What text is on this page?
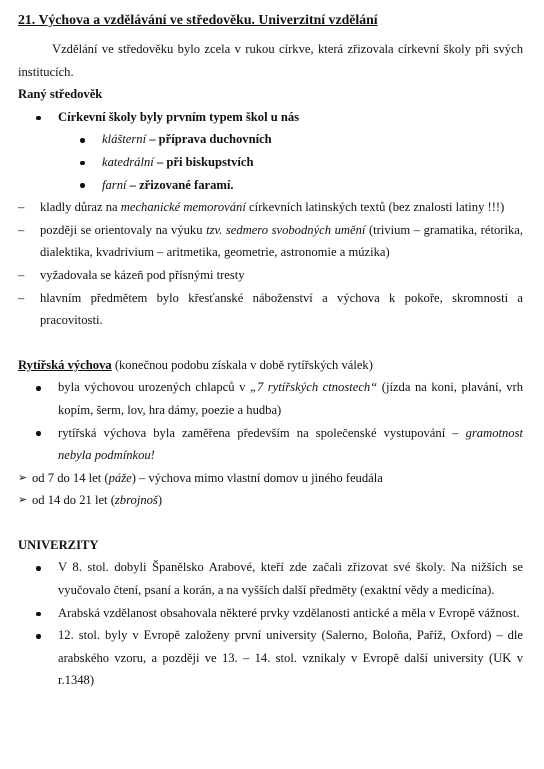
21. Výchova a vzdělávání ve středověku. Univerzitní vzdělání

Vzdělání ve středověku bylo zcela v rukou církve, která zřizovala církevní školy při svých institucích.

Raný středověk
Církevní školy byly prvním typem škol u nás
klášterní – příprava duchovních
katedrální – při biskupstvích
farní – zřizované faramí.
– kladly důraz na mechanické memorování církevních latinských textů (bez znalosti latiny !!!)
– později se orientovaly na výuku tzv. sedmero svobodných umění (trivium – gramatika, rétorika, dialektika, kvadrivium – aritmetika, geometrie, astronomie a múzika)
– vyžadovala se kázeň pod přísnými tresty
– hlavním předmětem bylo křesťanské náboženství a výchova k pokoře, skromnosti a pracovitosti.
Rytířská výchova (konečnou podobu získala v době rytířských válek)
byla výchovou urozených chlapců v „7 rytířských ctnostech“ (jízda na koni, plavání, vrh kopím, šerm, lov, hra dámy, poezie a hudba)
rytířská výchova byla zaměřena především na společenské vystupování – gramotnost nebyla podmínkou!
➢ od 7 do 14 let (páže) – výchova mimo vlastní domov u jiného feudála
➢ od 14 do 21 let (zbrojnoš)
UNIVERZITY
V 8. stol. dobyli Španělsko Arabové, kteří zde začali zřizovat své školy. Na nižších se vyučovalo čtení, psaní a korán, a na vyšších další předměty (exaktní vědy a medicína).
Arabská vzdělanost obsahovala některé prvky vzdělanosti antické a měla v Evropě vážnost.
12. stol. byly v Evropě založeny první university (Salerno, Boloňa, Paříž, Oxford) – dle arabského vzoru, a později ve 13. – 14. stol. vznikaly v Evropě další university (UK v r.1348)
